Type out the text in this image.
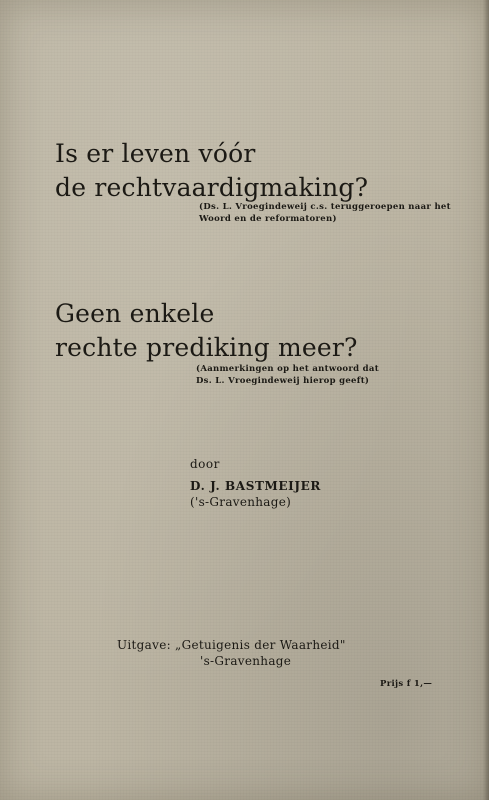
Is er leven vóór
de rechtvaardigmaking?
(Ds. L. Vroegindeweij c.s. teruggeroepen naar het
Woord en de reformatoren)
Geen enkele
rechte prediking meer?
(Aanmerkingen op het antwoord dat
Ds. L. Vroegindeweij hierop geeft)
door
D. J. BASTMEIJER
('s-Gravenhage)
Uitgave: „Getuigenis der Waarheid"
's-Gravenhage
Prijs f 1,—
